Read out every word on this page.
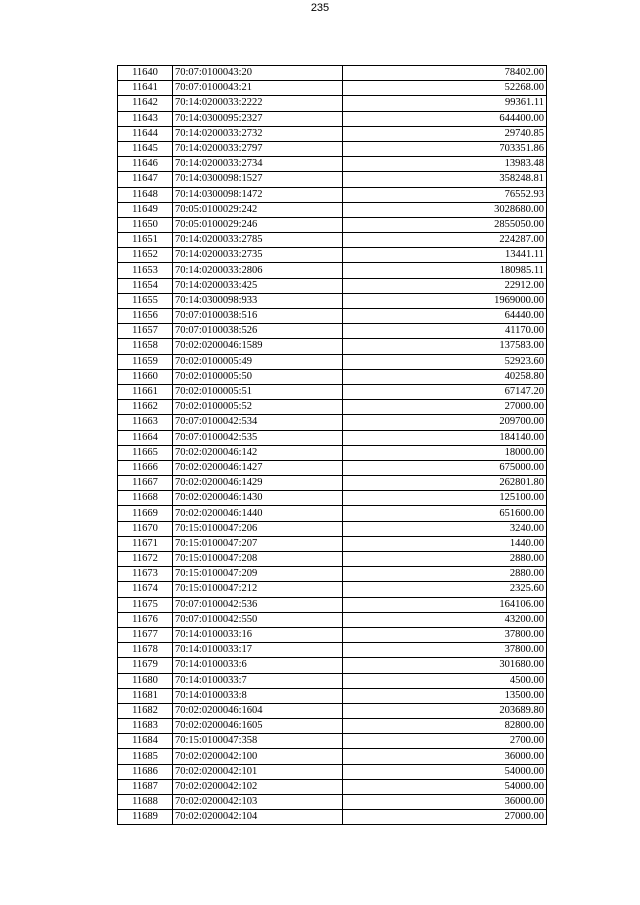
235
11640	70:07:0100043:20	78402.00
11641	70:07:0100043:21	52268.00
11642	70:14:0200033:2222	99361.11
11643	70:14:0300095:2327	644400.00
11644	70:14:0200033:2732	29740.85
11645	70:14:0200033:2797	703351.86
11646	70:14:0200033:2734	13983.48
11647	70:14:0300098:1527	358248.81
11648	70:14:0300098:1472	76552.93
11649	70:05:0100029:242	3028680.00
11650	70:05:0100029:246	2855050.00
11651	70:14:0200033:2785	224287.00
11652	70:14:0200033:2735	13441.11
11653	70:14:0200033:2806	180985.11
11654	70:14:0200033:425	22912.00
11655	70:14:0300098:933	1969000.00
11656	70:07:0100038:516	64440.00
11657	70:07:0100038:526	41170.00
11658	70:02:0200046:1589	137583.00
11659	70:02:0100005:49	52923.60
11660	70:02:0100005:50	40258.80
11661	70:02:0100005:51	67147.20
11662	70:02:0100005:52	27000.00
11663	70:07:0100042:534	209700.00
11664	70:07:0100042:535	184140.00
11665	70:02:0200046:142	18000.00
11666	70:02:0200046:1427	675000.00
11667	70:02:0200046:1429	262801.80
11668	70:02:0200046:1430	125100.00
11669	70:02:0200046:1440	651600.00
11670	70:15:0100047:206	3240.00
11671	70:15:0100047:207	1440.00
11672	70:15:0100047:208	2880.00
11673	70:15:0100047:209	2880.00
11674	70:15:0100047:212	2325.60
11675	70:07:0100042:536	164106.00
11676	70:07:0100042:550	43200.00
11677	70:14:0100033:16	37800.00
11678	70:14:0100033:17	37800.00
11679	70:14:0100033:6	301680.00
11680	70:14:0100033:7	4500.00
11681	70:14:0100033:8	13500.00
11682	70:02:0200046:1604	203689.80
11683	70:02:0200046:1605	82800.00
11684	70:15:0100047:358	2700.00
11685	70:02:0200042:100	36000.00
11686	70:02:0200042:101	54000.00
11687	70:02:0200042:102	54000.00
11688	70:02:0200042:103	36000.00
11689	70:02:0200042:104	27000.00
